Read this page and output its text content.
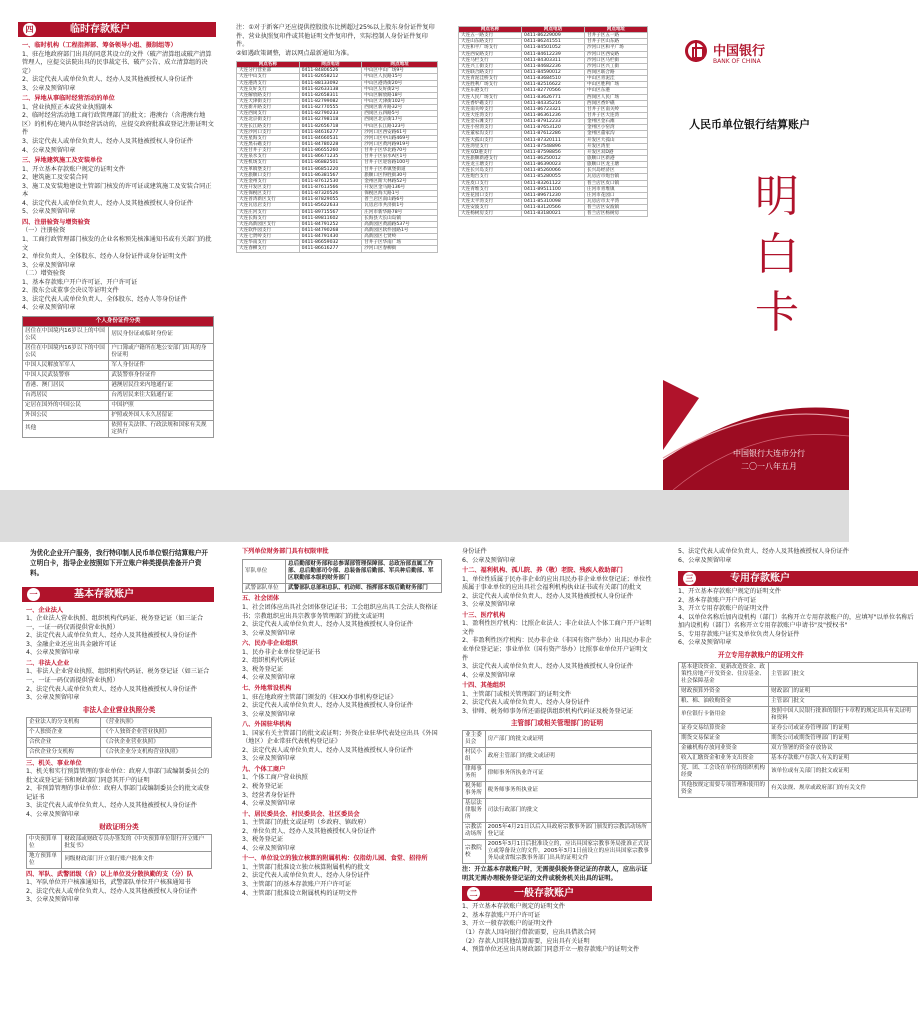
四	临时存款账户
一、临时机构（工程指挥部、筹备领导小组、摄制组等）
1、驻在地政府部门出具的同意其设立的文件（破产清算组或破产清算管理人，应提交法院出具的民事裁定书、破产公告、成立清算组的决定）
2、法定代表人或单位负责人、经办人及其他被授权人身份证件
3、公章及预留印章
二、异地从事临时经营活动的单位
1、营业执照正本或营业执照副本
2、临时经营活动地工商行政管理部门的批文；港澳台（含港澳台地区）的机构在境内从事经营活动的，应提交政府批准或登记注册证明文件
3、法定代表人或单位负责人、经办人及其他被授权人身份证件
4、公章及预留印章
三、异地建筑施工及安装单位
1、开立基本存款账户规定的证明文件
2、建筑施工及安装合同
3、施工及安装地建设主管部门核发的许可证或建筑施工及安装合同正本
4、法定代表人或单位负责人、经办人及其他被授权人身份证件
5、公章及预留印章
四、注册验资与增资验资
（一）注册验资
1、工商行政管理部门核发的企业名称预先核准通知书或有关部门的批文
2、单位负责人、全体股东、经办人身份证件或身份证明文件
3、公章及预留印章
（二）增资验资
1、基本存款账户开户许可证、开户许可证
2、股东会或董事会决议等证明文件
3、法定代表人或单位负责人、全体股东、经办人等身份证件
4、公章及预留印章
个人身份证件分类	
居住在中国境内16岁以上的中国公民	居民身份证或临时身份证
居住在中国境内16岁以下的中国公民	户口簿或户籍所在地公安部门出具的身份证明
中国人民解放军军人	军人身份证件
中国人民武装警察	武装警察身份证件
香港、澳门居民	港澳居民往来内地通行证
台湾居民	台湾居民来往大陆通行证
定居在国外的中国公民	中国护照
外国公民	护照或外国人永久居留证
其他	依照有关法律、行政法规和国家有关规定执行
注：①对于新客户还应提供控股股东比例超过25%以上股东身份证件复印件、营业执照复印件或其他证明文件复印件，实际控制人身份证件复印件。
②如遇政策调整，请以网点最新通知为准。
网点名称	网点电话	网点地址
大连分行营业部	0411-84806526	中山区中山广场9号
大连中山支行	0411-82658212	中山区人民路15号
大连港湾支行	0411-88133092	中山区港湾街20号
大连友好支行	0411-82633138	中山区友好街2号
大连解放路支行	0411-82658311	中山区解放路18号
大连天津街支行	0411-82799082	中山区天津街102号
大连新开路支行	0411-82770555	西岗区新开路32号
大连西岗支行	0411-82790233	西岗区五四路5号
大连北京街支行	0411-82798118	西岗区北京街17号
大连长江路支行	0411-82656718	中山区长江路123号
大连沙河口支行	0411-84616277	沙河口区西安路61号
大连星海支行	0411-84660531	沙河口区中山路469号
大连黑石礁支行	0411-84780228	沙河口区黄河路919号
大连甘井子支行	0411-86655260	甘井子区华北路70号
大连泉水支行	0411-86671235	甘井子区泉水A区1号
大连机场支行	0411-86882501	甘井子区迎客路100号
大连革镇堡支行	0411-86851220	甘井子区革镇堡街道
大连旅顺口支行	0411-86381567	旅顺口区得胜街30号
大连金州支行	0411-87612530	金州区斯大林路52号
大连开发区支行	0411-87613566	开发区金马路136号
大连保税区支行	0411-87320526	保税区海天路1号
大连普湾新区支行	0411-87829055	普兰店区南山路6号
大连瓦房店支行	0411-85622633	瓦房店市共济街1号
大连庄河支行	0411-89715567	庄河市新华路78号
大连长海支行	0411-89811602	长海县大长山岛镇
大连高新园区支行	0411-84791252	高新园区黄浦路537号
大连软件园支行	0411-84790268	高新园区软件园路1号
大连七贤岭支行	0411-84791430	高新园区七贤岭
大连华南支行	0411-86659032	甘井子区华南广场
大连春柳支行	0411-86616277	沙河口区春柳街
网点名称	网点电话	网点地址
大连五一路支行	0411-86229009	甘井子区五一路
大连山东路支行	0411-86241551	甘井子区山东路
大连和平广场支行	0411-84501052	沙河口区和平广场
大连西安路支行	0411-84612239	沙河口区西安路
大连马栏支行	0411-84303311	沙河口区马栏街
大连兴工街支行	0411-84682236	沙河口区兴工街
大连联合路支行	0411-84590012	西岗区联合路
大连青泥洼桥支行	0411-83684510	中山区青泥洼
大连胜利广场支行	0411-82516622	中山区胜利广场
大连东港支行	0411-82770566	中山区东港
大连人民广场支行	0411-83626771	西岗区人民广场
大连香炉礁支行	0411-84335216	西岗区香炉礁
大连南关岭支行	0411-86723321	甘井子区南关岭
大连大连湾支行	0411-86361236	甘井子区大连湾
大连金石滩支行	0411-87912233	金州区金石滩
大连小窑湾支行	0411-87653120	金州区小窑湾
大连董家沟支行	0411-87612286	金州区董家沟
大连大孤山支行	0411-87320111	开发区大孤山
大连湾里支行	0411-87548896	开发区湾里
大连双D港支行	0411-87598856	开发区双D港
大连旅顺新港支行	0411-86250012	旅顺口区新港
大连龙王塘支行	0411-86390023	旅顺口区龙王塘
大连长兴岛支行	0411-85260066	长兴岛经济区
大连炮台支行	0411-85280055	瓦房店市炮台镇
大连皮口支行	0411-83261122	普兰店区皮口镇
大连青堆支行	0411-89511100	庄河市青堆镇
大连花园口支行	0411-89671230	庄河市花园口
大连太平湾支行	0411-85310098	瓦房店市太平湾
大连安波支行	0411-83120566	普兰店区安波镇
大连杨树房支行	0411-83180021	普兰店区杨树房
中国银行
BANK OF CHINA
人民币单位银行结算账户
明
白
卡
中国银行大连市分行
二〇一八年五月
为优化企业开户服务，我行特印制人民币单位银行结算账户开立明白卡，指导企业按照如下开立账户种类提供准备开户资料。
一	基本存款账户
一、企业法人
1、企业法人营业执照、组织机构代码证、税务登记证（如三证合一，一证一码仅需提供营业执照）
2、法定代表人或单位负责人、经办人及其他被授权人身份证件
3、金融企业还应出具金融许可证
4、公章及预留印章
二、非法人企业
1、非法人企业营业执照、组织机构代码证、税务登记证（如三证合一，一证一码仅需提供营业执照）
2、法定代表人或单位负责人、经办人及其他被授权人身份证件
3、公章及预留印章
非法人企业营业执照分类
企业法人的分支机构	《营业执照》
个人独资企业	《个人独资企业营业执照》
合伙企业	《合伙企业营业执照》
合伙企业分支机构	《合伙企业分支机构营业执照》
三、机关、事业单位
1、机关和实行预算管理的事业单位：政府人事部门或编制委员会的批文或登记证书和财政部门同意其开户的证明
2、非预算管理的事业单位：政府人事部门或编制委员会的批文或登记证书
3、法定代表人或单位负责人、经办人及其他被授权人身份证件
4、公章及预留印章
财政证明分类
中央预算单位	财政部或财政专员办签发的《中央预算单位银行开立账户批复书》
地方预算单位	同级财政部门开立银行账户批准文件
四、军队、武警团级（含）以上单位及分散执勤的支（分）队
1、军队单位开户核准通知书，武警部队单位开户核准通知书
2、法定代表人或单位负责人、经办人及其他被授权人身份证件
3、公章及预留印章
下列单位财务部门具有权限审批
军队单位	总后勤部财务部和总参谋部管理保障部、总政治部直属工作部、总后勤部司令部、总装备部后勤部、军兵种后勤部、军区联勤部本级的财务部门
武警部队单位	武警部队总部和总队、机动师、指挥部本级后勤财务部门
五、社会团体
1、社会团体应出具社会团体登记证书；工会组织应出具工会法人资格证书；宗教组织应出具宗教事务管理部门的批文或证明
2、法定代表人或单位负责人、经办人及其他被授权人身份证件
3、公章及预留印章
六、民办非企业组织
1、民办非企业单位登记证书
2、组织机构代码证
3、税务登记证
4、公章及预留印章
七、外地常设机构
1、驻在地政府主管部门颁发的《驻XX办事机构登记证》
2、法定代表人或单位负责人、经办人及其他被授权人身份证件
3、公章及预留印章
八、外国驻华机构
1、国家有关主管部门的批文或证明；外资企业驻华代表处应出具《外国（地区）企业常驻代表机构登记证》
2、法定代表人或单位负责人、经办人及其他被授权人身份证件
3、公章及预留印章
九、个体工商户
1、个体工商户营业执照
2、税务登记证
3、经营者身份证件
4、公章及预留印章
十、居民委员会、村民委员会、社区委员会
1、主管部门的批文或证明（乡政府、镇政府）
2、单位负责人、经办人及其他被授权人身份证件
3、税务登记证
4、公章及预留印章
十一、单位设立的独立核算的附属机构：仅指幼儿园、食堂、招待所
1、主管部门批准设立独立核算附属机构的批文
2、法定代表人或单位负责人、经办人身份证件
3、主管部门的基本存款账户开户许可证
4、主管部门批准设立附属机构的证明文件
身份证件
6、公章及预留印章
十二、福利机构、孤儿院、养（敬）老院、残疾人救助部门
1、单位性质属于民办非企业的应出具民办非企业单位登记证；单位性质属于事业单位的应出具社会福利机构执业证书或有关部门的批文
2、法定代表人或单位负责人、经办人及其他被授权人身份证件
3、公章及预留印章
十三、医疗机构
1、盈利性医疗机构：比照企业法人；非企业法人个体工商户开户证明文件
2、非盈利性医疗机构：民办非企业（非国有资产举办）出具民办非企业单位登记证；事业单位（国有资产举办）比照事业单位开户证明文件
3、法定代表人或单位负责人、经办人及其他被授权人身份证件
4、公章及预留印章
十四、其他组织
1、主管部门或相关管理部门的证明文件
2、法定代表人或单位负责人、经办人身份证件
3、律师、税务师事务所还需提供组织机构代码证及税务登记证
主管部门或相关管理部门的证明
业主委员会	房产部门的批文或证明
村民小组	政府主管部门的批文或证明
律师事务所	律师事务所执业许可证
税务师事务所	税务师事务所执业证
基层法律服务所	司法行政部门的批文
宗教活动场所	2005年4月21日以后入具政府宗教事务部门颁发的宗教活动场所登记证
宗教院校	2005年3月1日后批准设立的，应出具国家宗教事务局批准正式设立或筹备设立的文件，2005年3月1日前设立的应出具国家宗教事务局或省级宗教事务部门出具的证明文件
注：开立基本存款账户时，无需提供税务登记证的存款人，应出示证明其无需办理税务登记证的文件或税务机关出具的证明。
二	一般存款账户
1、开立基本存款账户规定的证明文件
2、基本存款账户开户许可证
3、开立一般存款账户的证明文件
（1）存款人因向银行借款需要，应出具借款合同
（2）存款人因其他结算需要，应出具有关证明
4、预算单位还应出具财政部门同意开立一般存款账户的证明文件
5、法定代表人或单位负责人、经办人及其他被授权人身份证件
6、公章及预留印章
三	专用存款账户
1、开立基本存款账户规定的证明文件
2、基本存款账户开户许可证
3、开立专用存款账户的证明文件
4、以单位名称后加内设机构（部门）名称开立专用存款账户的，应填写"以单位名称后加内设机构（部门）名称开立专用存款账户申请书"及"授权书"
5、专用存款账户证实及单位负责人身份证件
6、公章及预留印章
开立专用存款账户的证明文件
基本建设资金、更新改造资金、政策性房地产开发资金、住房基金、社会保障基金	主管部门批文
财政预算外资金	财政部门的证明
粮、棉、油收购资金	主管部门批文
单位银行卡备用金	按照中国人民银行批准的银行卡章程的规定出具有关证明和资料
证券交易结算资金	证券公司或证券管理部门的证明
期货交易保证金	期货公司或期货管理部门的证明
金融机构存放同业资金	双方签署的资金存放协议
收入汇缴资金和业务支出资金	基本存款账户存款人有关的证明
党、团、工会设在单位的组织机构经费	该单位或有关部门的批文或证明
其他按规定需要专项管理和使用的资金	有关法规、规章或政府部门的有关文件
